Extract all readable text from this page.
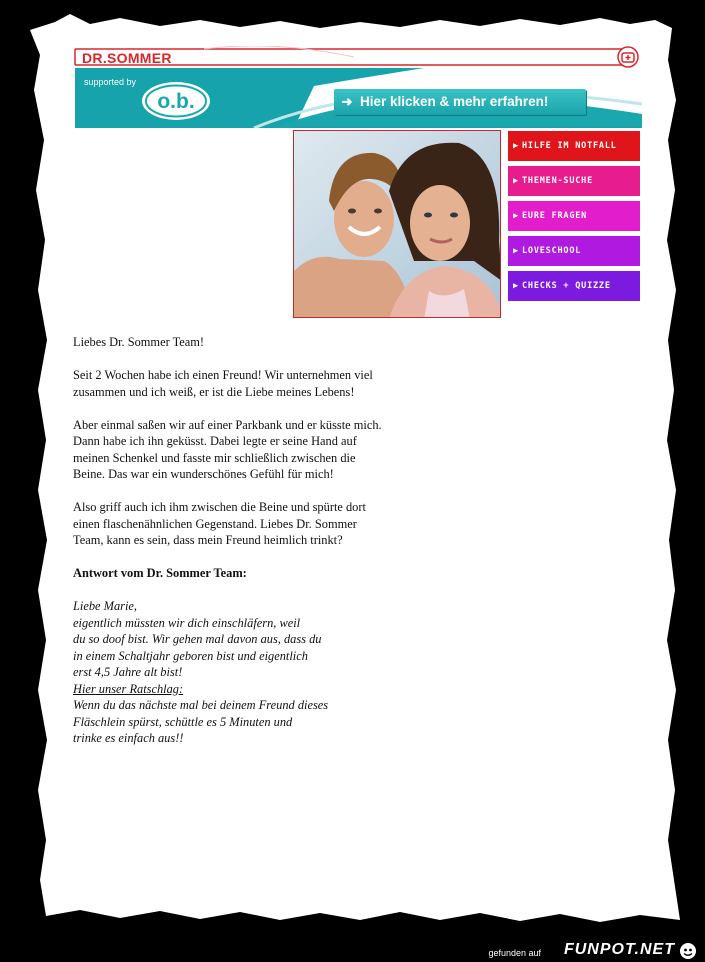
DR.SOMMER
supported by
o.b.	➜ Hier klicken & mehr erfahren!
▶ HILFE IM NOTFALL
▶ THEMEN-SUCHE
▶ EURE FRAGEN
▶ LOVESCHOOL
▶ CHECKS + QUIZZE

Liebes Dr. Sommer Team!

Seit 2 Wochen habe ich einen Freund! Wir unternehmen viel zusammen und ich weiß, er ist die Liebe meines Lebens!

Aber einmal saßen wir auf einer Parkbank und er küsste mich. Dann habe ich ihn geküsst. Dabei legte er seine Hand auf meinen Schenkel und fasste mir schließlich zwischen die Beine. Das war ein wunderschönes Gefühl für mich!

Also griff auch ich ihm zwischen die Beine und spürte dort einen flaschenähnlichen Gegenstand. Liebes Dr. Sommer Team, kann es sein, dass mein Freund heimlich trinkt?

Antwort vom Dr. Sommer Team:

Liebe Marie,
eigentlich müssten wir dich einschläfern, weil
du so doof bist. Wir gehen mal davon aus, dass du
in einem Schaltjahr geboren bist und eigentlich
erst 4,5 Jahre alt bist!
Hier unser Ratschlag:
Wenn du das nächste mal bei deinem Freund dieses
Fläschlein spürst, schüttle es 5 Minuten und
trinke es einfach aus!!
gefunden auf FUNPOT.NET
